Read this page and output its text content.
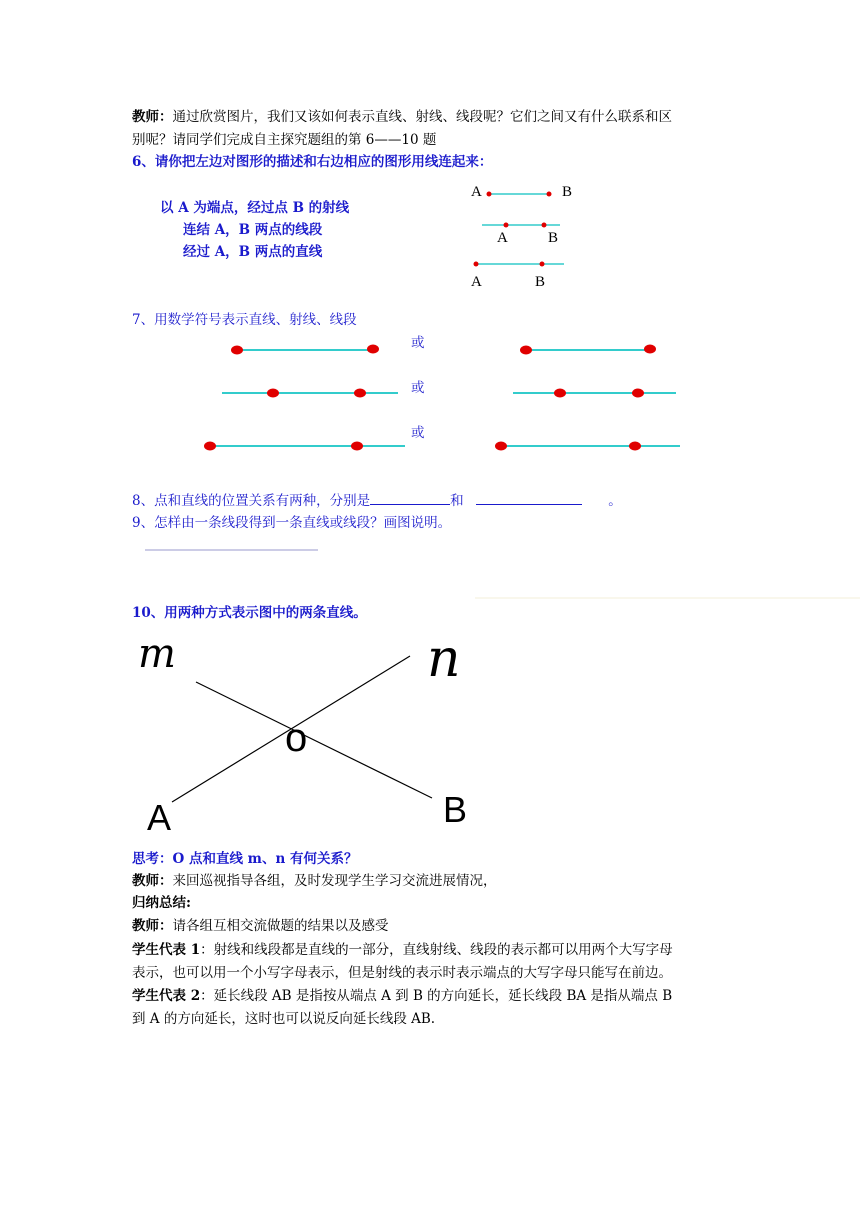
教师：通过欣赏图片，我们又该如何表示直线、射线、线段呢？它们之间又有什么联系和区
别呢？请同学们完成自主探究题组的第 6——10 题
6、请你把左边对图形的描述和右边相应的图形用线连起来：
以 A 为端点，经过点 B 的射线
连结 A，B 两点的线段
经过 A，B 两点的直线
A	B
A	B
A	B
7、用数学符号表示直线、射线、线段
或
或
或
8、点和直线的位置关系有两种，分别是	和	。
9、怎样由一条线段得到一条直线或线段？画图说明。
10、用两种方式表示图中的两条直线。
m	n
o
A	B
思考：O 点和直线 m、n 有何关系？
教师：来回巡视指导各组，及时发现学生学习交流进展情况，
归纳总结:
教师：请各组互相交流做题的结果以及感受
学生代表 1：射线和线段都是直线的一部分，直线射线、线段的表示都可以用两个大写字母
表示，也可以用一个小写字母表示，但是射线的表示时表示端点的大写字母只能写在前边。
学生代表 2：延长线段 AB 是指按从端点 A 到 B 的方向延长，延长线段 BA 是指从端点 B
到 A 的方向延长，这时也可以说反向延长线段 AB.
